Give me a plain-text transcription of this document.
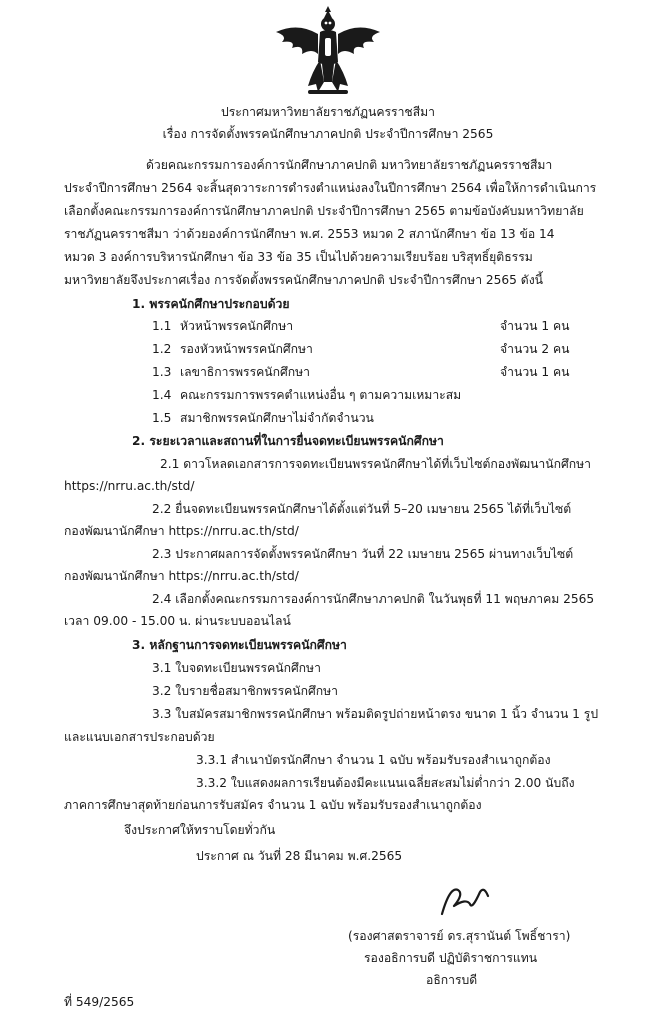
ประกาศมหาวิทยาลัยราชภัฏนครราชสีมา
เรื่อง การจัดตั้งพรรคนักศึกษาภาคปกติ ประจำปีการศึกษา 2565
ด้วยคณะกรรมการองค์การนักศึกษาภาคปกติ มหาวิทยาลัยราชภัฏนครราชสีมา
ประจำปีการศึกษา 2564 จะสิ้นสุดวาระการดำรงตำแหน่งลงในปีการศึกษา 2564 เพื่อให้การดำเนินการ
เลือกตั้งคณะกรรมการองค์การนักศึกษาภาคปกติ ประจำปีการศึกษา 2565 ตามข้อบังคับมหาวิทยาลัย
ราชภัฏนครราชสีมา ว่าด้วยองค์การนักศึกษา พ.ศ. 2553 หมวด 2 สภานักศึกษา ข้อ 13 ข้อ 14
หมวด 3 องค์การบริหารนักศึกษา ข้อ 33 ข้อ 35 เป็นไปด้วยความเรียบร้อย บริสุทธิ์ยุติธรรม
มหาวิทยาลัยจึงประกาศเรื่อง การจัดตั้งพรรคนักศึกษาภาคปกติ ประจำปีการศึกษา 2565 ดังนี้
1. พรรคนักศึกษาประกอบด้วย
1.1 หัวหน้าพรรคนักศึกษา	จำนวน 1 คน
1.2 รองหัวหน้าพรรคนักศึกษา	จำนวน 2 คน
1.3 เลขาธิการพรรคนักศึกษา	จำนวน 1 คน
1.4 คณะกรรมการพรรคตำแหน่งอื่น ๆ ตามความเหมาะสม
1.5 สมาชิกพรรคนักศึกษาไม่จำกัดจำนวน
2. ระยะเวลาและสถานที่ในการยื่นจดทะเบียนพรรคนักศึกษา
2.1 ดาวโหลดเอกสารการจดทะเบียนพรรคนักศึกษาได้ที่เว็บไซต์กองพัฒนานักศึกษา
https://nrru.ac.th/std/
2.2 ยื่นจดทะเบียนพรรคนักศึกษาได้ตั้งแต่วันที่ 5–20 เมษายน 2565 ได้ที่เว็บไซต์
กองพัฒนานักศึกษา https://nrru.ac.th/std/
2.3 ประกาศผลการจัดตั้งพรรคนักศึกษา วันที่ 22 เมษายน 2565 ผ่านทางเว็บไซต์
กองพัฒนานักศึกษา https://nrru.ac.th/std/
2.4 เลือกตั้งคณะกรรมการองค์การนักศึกษาภาคปกติ ในวันพุธที่ 11 พฤษภาคม 2565
เวลา 09.00 - 15.00 น. ผ่านระบบออนไลน์
3. หลักฐานการจดทะเบียนพรรคนักศึกษา
3.1 ใบจดทะเบียนพรรคนักศึกษา
3.2 ใบรายชื่อสมาชิกพรรคนักศึกษา
3.3 ใบสมัครสมาชิกพรรคนักศึกษา พร้อมติดรูปถ่ายหน้าตรง ขนาด 1 นิ้ว จำนวน 1 รูป
และแนบเอกสารประกอบด้วย
3.3.1 สำเนาบัตรนักศึกษา จำนวน 1 ฉบับ พร้อมรับรองสำเนาถูกต้อง
3.3.2 ใบแสดงผลการเรียนต้องมีคะแนนเฉลี่ยสะสมไม่ต่ำกว่า 2.00 นับถึง
ภาคการศึกษาสุดท้ายก่อนการรับสมัคร จำนวน 1 ฉบับ พร้อมรับรองสำเนาถูกต้อง
จึงประกาศให้ทราบโดยทั่วกัน
ประกาศ ณ วันที่ 28 มีนาคม พ.ศ.2565
(รองศาสตราจารย์ ดร.สุรานันต์ โพธิ์ชารา)
รองอธิการบดี ปฏิบัติราชการแทน
อธิการบดี
ที่ 549/2565
